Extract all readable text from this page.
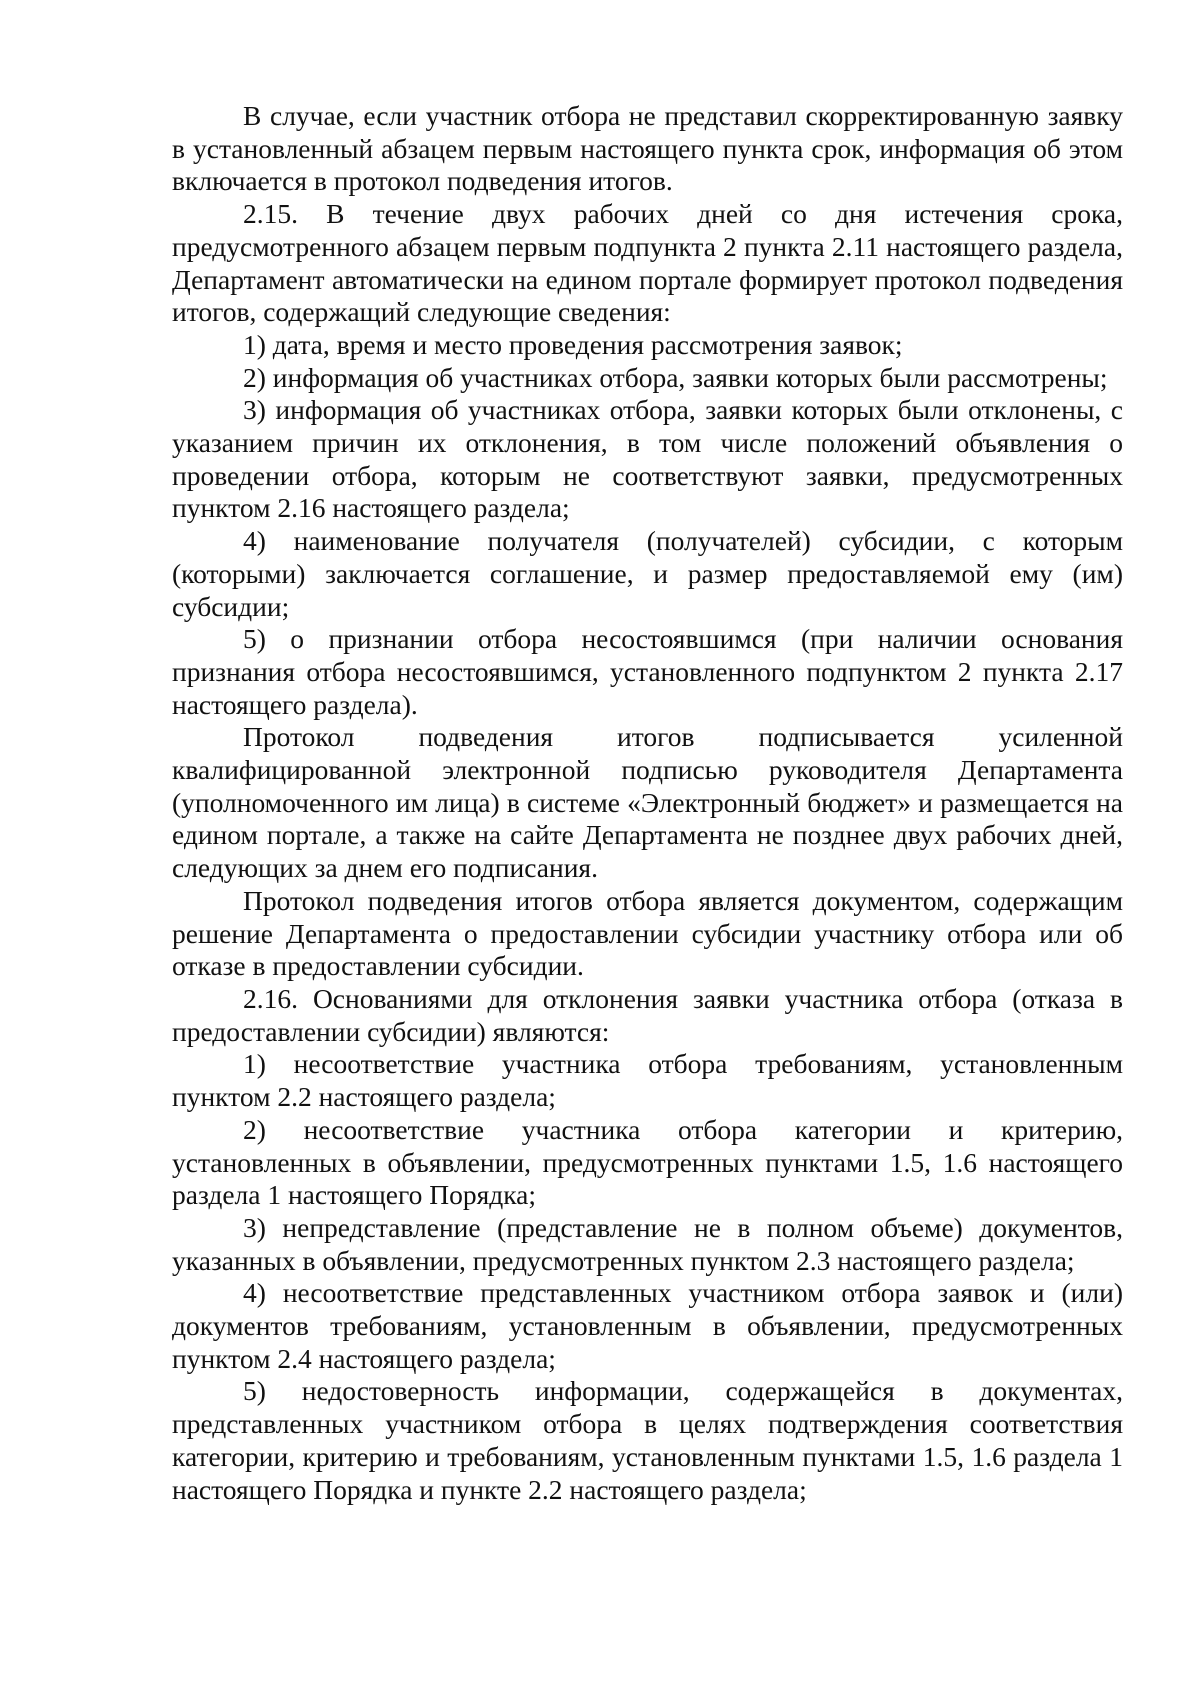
В случае, если участник отбора не представил скорректированную заявку в установленный абзацем первым настоящего пункта срок, информация об этом включается в протокол подведения итогов.

2.15. В течение двух рабочих дней со дня истечения срока, предусмотренного абзацем первым подпункта 2 пункта 2.11 настоящего раздела, Департамент автоматически на едином портале формирует протокол подведения итогов, содержащий следующие сведения:

1) дата, время и место проведения рассмотрения заявок;

2) информация об участниках отбора, заявки которых были рассмотрены;

3) информация об участниках отбора, заявки которых были отклонены, с указанием причин их отклонения, в том числе положений объявления о проведении отбора, которым не соответствуют заявки, предусмотренных пунктом 2.16 настоящего раздела;

4) наименование получателя (получателей) субсидии, с которым (которыми) заключается соглашение, и размер предоставляемой ему (им) субсидии;

5) о признании отбора несостоявшимся (при наличии основания признания отбора несостоявшимся, установленного подпунктом 2 пункта 2.17 настоящего раздела).

Протокол подведения итогов подписывается усиленной квалифицированной электронной подписью руководителя Департамента (уполномоченного им лица) в системе «Электронный бюджет» и размещается на едином портале, а также на сайте Департамента не позднее двух рабочих дней, следующих за днем его подписания.

Протокол подведения итогов отбора является документом, содержащим решение Департамента о предоставлении субсидии участнику отбора или об отказе в предоставлении субсидии.

2.16. Основаниями для отклонения заявки участника отбора (отказа в предоставлении субсидии) являются:

1) несоответствие участника отбора требованиям, установленным пунктом 2.2 настоящего раздела;

2) несоответствие участника отбора категории и критерию, установленных в объявлении, предусмотренных пунктами 1.5, 1.6 настоящего раздела 1 настоящего Порядка;

3) непредставление (представление не в полном объеме) документов, указанных в объявлении, предусмотренных пунктом 2.3 настоящего раздела;

4) несоответствие представленных участником отбора заявок и (или) документов требованиям, установленным в объявлении, предусмотренных пунктом 2.4 настоящего раздела;

5) недостоверность информации, содержащейся в документах, представленных участником отбора в целях подтверждения соответствия категории, критерию и требованиям, установленным пунктами 1.5, 1.6 раздела 1 настоящего Порядка и пункте 2.2 настоящего раздела;
